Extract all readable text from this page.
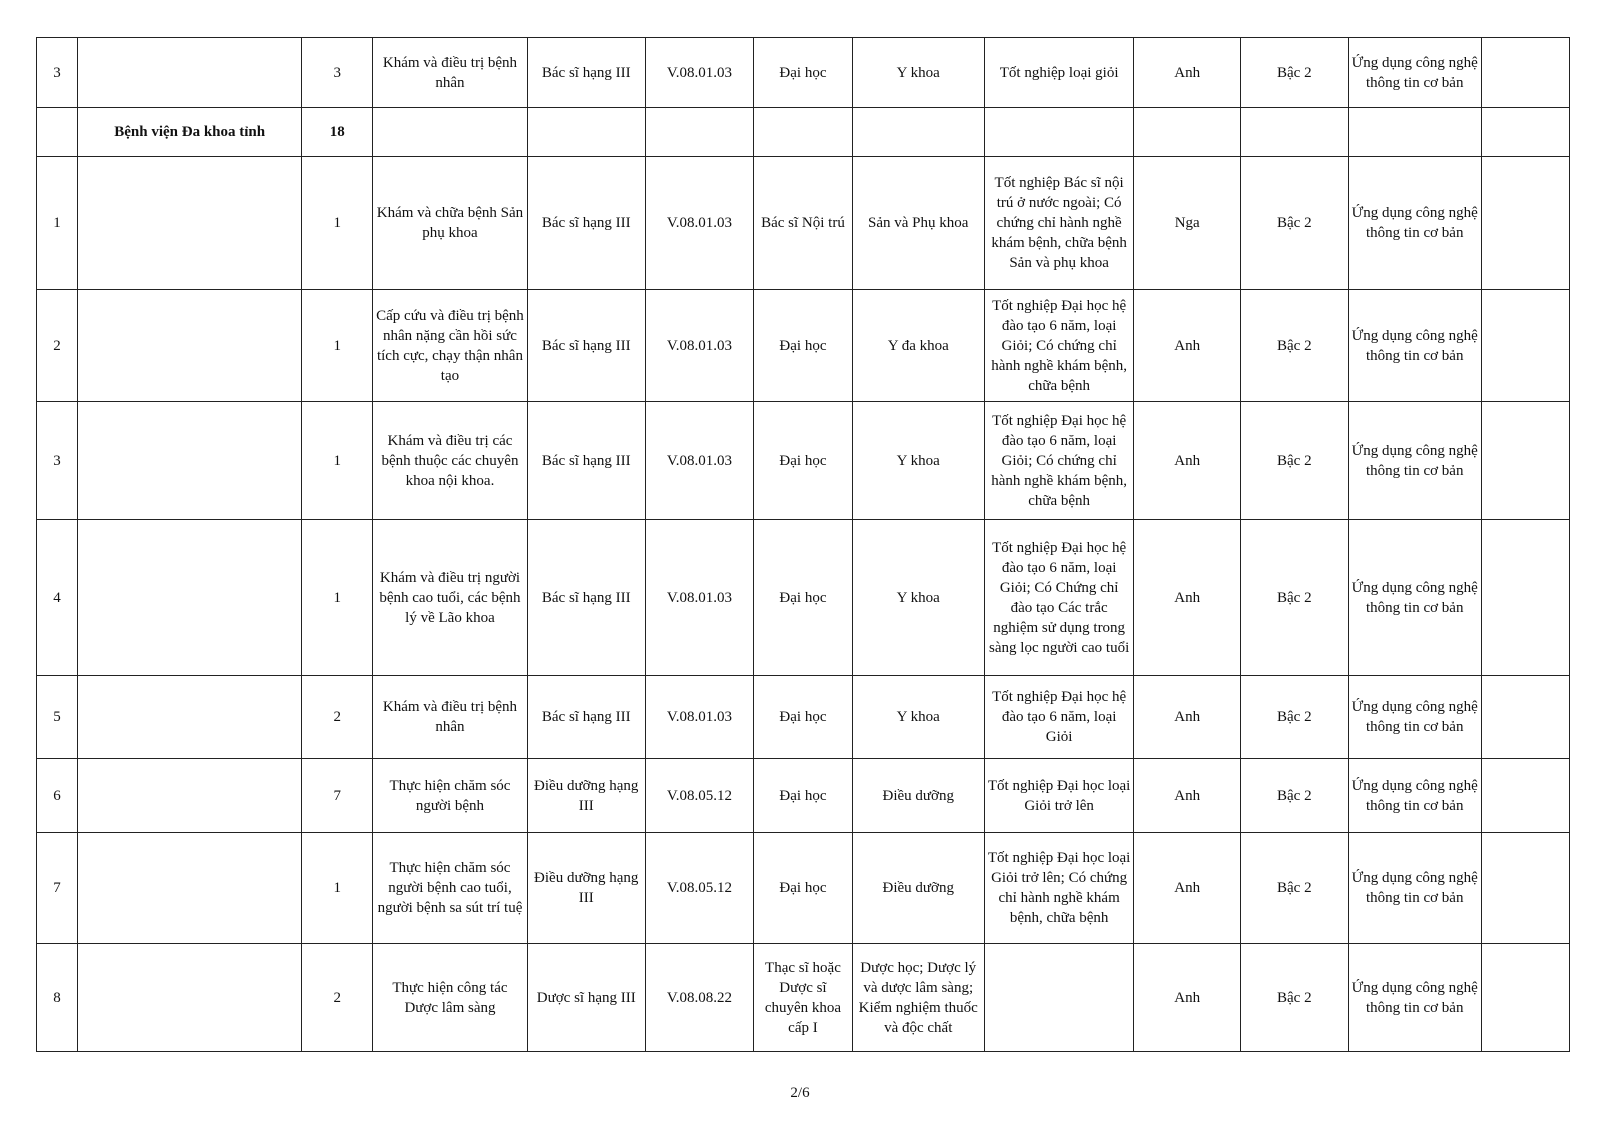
3		3	Khám và điều trị bệnh nhân	Bác sĩ hạng III	V.08.01.03	Đại học	Y khoa	Tốt nghiệp loại giỏi	Anh	Bậc 2	Ứng dụng công nghệ thông tin cơ bản	
	Bệnh viện Đa khoa tỉnh	18										
1		1	Khám và chữa bệnh Sản phụ khoa	Bác sĩ hạng III	V.08.01.03	Bác sĩ Nội trú	Sản và Phụ khoa	Tốt nghiệp Bác sĩ nội trú ở nước ngoài; Có chứng chỉ hành nghề khám bệnh, chữa bệnh Sản và phụ khoa	Nga	Bậc 2	Ứng dụng công nghệ thông tin cơ bản	
2		1	Cấp cứu và điều trị bệnh nhân nặng cần hồi sức tích cực, chạy thận nhân tạo	Bác sĩ hạng III	V.08.01.03	Đại học	Y đa khoa	Tốt nghiệp Đại học hệ đào tạo 6 năm, loại Giỏi; Có chứng chỉ hành nghề khám bệnh, chữa bệnh	Anh	Bậc 2	Ứng dụng công nghệ thông tin cơ bản	
3		1	Khám và điều trị các bệnh thuộc các chuyên khoa nội khoa.	Bác sĩ hạng III	V.08.01.03	Đại học	Y khoa	Tốt nghiệp Đại học hệ đào tạo 6 năm, loại Giỏi; Có chứng chỉ hành nghề khám bệnh, chữa bệnh	Anh	Bậc 2	Ứng dụng công nghệ thông tin cơ bản	
4		1	Khám và điều trị người bệnh cao tuổi, các bệnh lý về Lão khoa	Bác sĩ hạng III	V.08.01.03	Đại học	Y khoa	Tốt nghiệp Đại học hệ đào tạo 6 năm, loại Giỏi; Có Chứng chỉ đào tạo Các trắc nghiệm sử dụng trong sàng lọc người cao tuổi	Anh	Bậc 2	Ứng dụng công nghệ thông tin cơ bản	
5		2	Khám và điều trị bệnh nhân	Bác sĩ hạng III	V.08.01.03	Đại học	Y khoa	Tốt nghiệp Đại học hệ đào tạo 6 năm, loại Giỏi	Anh	Bậc 2	Ứng dụng công nghệ thông tin cơ bản	
6		7	Thực hiện chăm sóc người bệnh	Điều dưỡng hạng III	V.08.05.12	Đại học	Điều dưỡng	Tốt nghiệp Đại học loại Giỏi trở lên	Anh	Bậc 2	Ứng dụng công nghệ thông tin cơ bản	
7		1	Thực hiện chăm sóc người bệnh cao tuổi, người bệnh sa sút trí tuệ	Điều dưỡng hạng III	V.08.05.12	Đại học	Điều dưỡng	Tốt nghiệp Đại học loại Giỏi trở lên; Có chứng chỉ hành nghề khám bệnh, chữa bệnh	Anh	Bậc 2	Ứng dụng công nghệ thông tin cơ bản	
8		2	Thực hiện công tác Dược lâm sàng	Dược sĩ hạng III	V.08.08.22	Thạc sĩ hoặc Dược sĩ chuyên khoa cấp I	Dược học; Dược lý và dược lâm sàng; Kiểm nghiệm thuốc và độc chất		Anh	Bậc 2	Ứng dụng công nghệ thông tin cơ bản	
2/6
